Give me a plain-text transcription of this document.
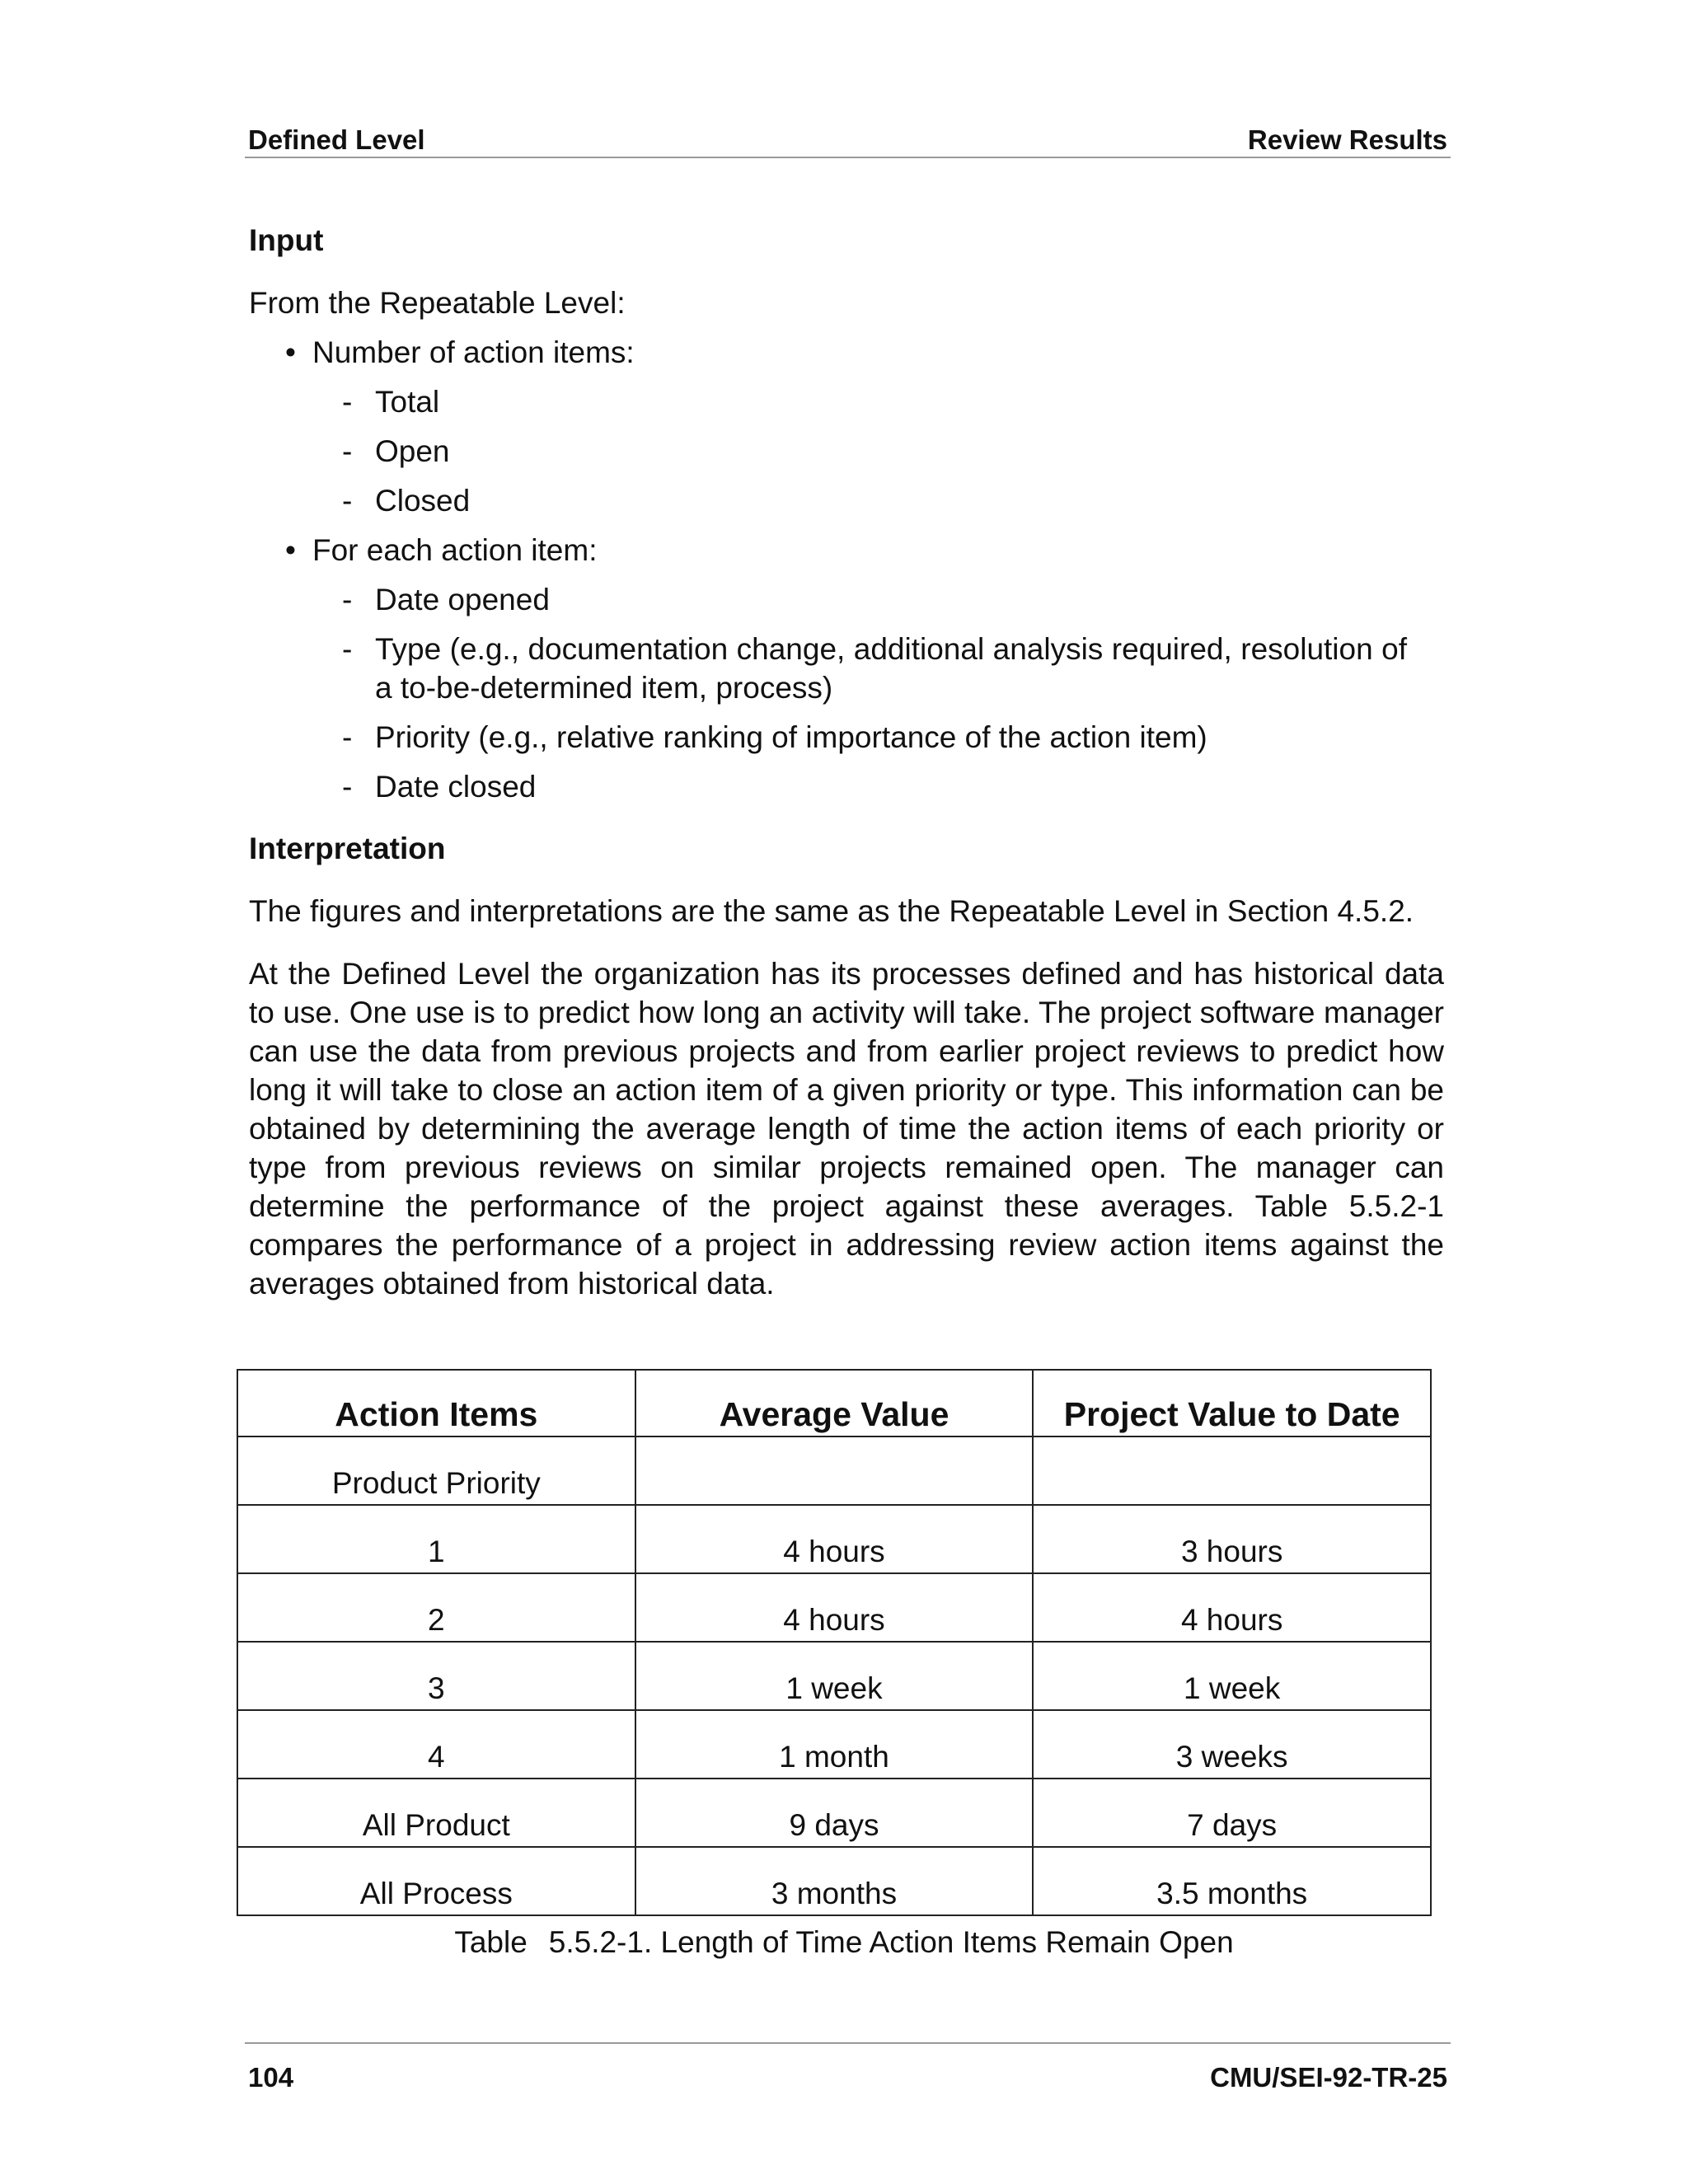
Defined Level	Review Results
Input

From the Repeatable Level:

• Number of action items:
- Total
- Open
- Closed
• For each action item:
- Date opened
- Type (e.g., documentation change, additional analysis required, resolution of a to-be-determined item, process)
- Priority (e.g., relative ranking of importance of the action item)
- Date closed
Interpretation

The figures and interpretations are the same as the Repeatable Level in Section 4.5.2.

At the Defined Level the organization has its processes defined and has historical data to use. One use is to predict how long an activity will take. The project software manager can use the data from previous projects and from earlier project reviews to predict how long it will take to close an action item of a given priority or type. This information can be obtained by determining the average length of time the action items of each priority or type from previous reviews on similar projects remained open. The manager can determine the performance of the project against these averages. Table 5.5.2-1 compares the performance of a project in addressing review action items against the averages obtained from historical data.

Action Items	Average Value	Project Value to Date
Product Priority		
1	4 hours	3 hours
2	4 hours	4 hours
3	1 week	1 week
4	1 month	3 weeks
All Product	9 days	7 days
All Process	3 months	3.5 months
Table 5.5.2-1. Length of Time Action Items Remain Open
104	CMU/SEI-92-TR-25
